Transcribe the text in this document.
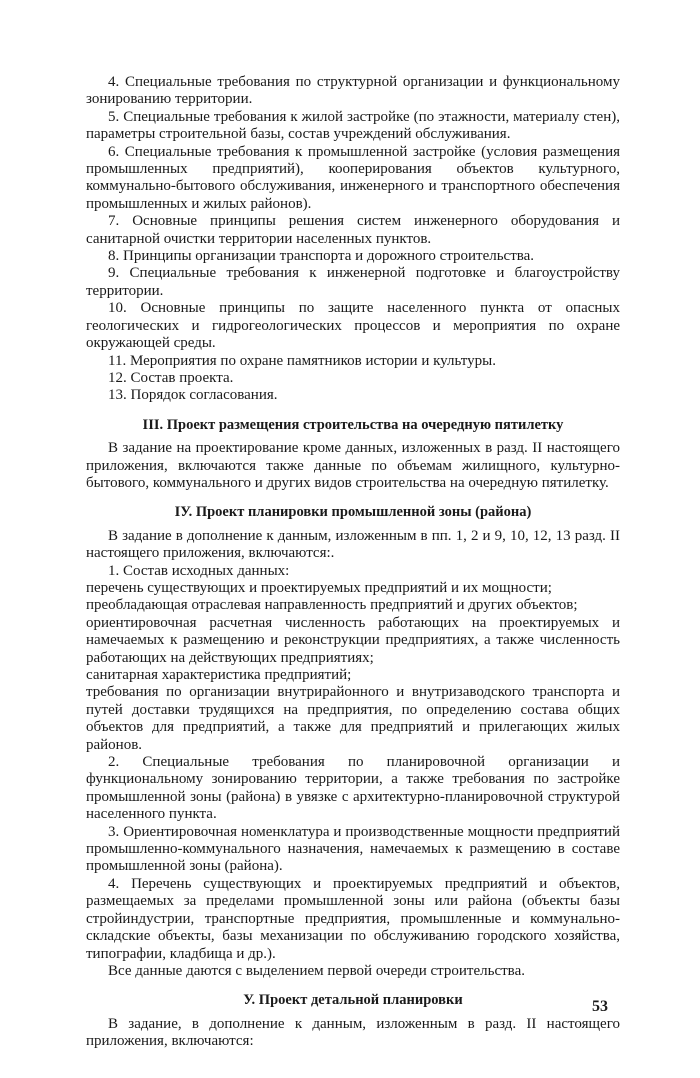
4. Специальные требования по структурной организации и функциональному зонированию территории.

5. Специальные требования к жилой застройке (по этажности, материалу стен), параметры строительной базы, состав учреждений обслуживания.

6. Специальные требования к промышленной застройке (условия размещения промышленных предприятий), кооперирования объектов культурного, коммунально-бытового обслуживания, инженерного и транспортного обеспечения промышленных и жилых районов).

7. Основные принципы решения систем инженерного оборудования и санитарной очистки территории населенных пунктов.

8. Принципы организации транспорта и дорожного строительства.

9. Специальные требования к инженерной подготовке и благоустройству территории.

10. Основные принципы по защите населенного пункта от опасных геологических и гидрогеологических процессов и мероприятия по охране окружающей среды.

11. Мероприятия по охране памятников истории и культуры.

12. Состав проекта.

13. Порядок согласования.

III. Проект размещения строительства на очередную пятилетку

В задание на проектирование кроме данных, изложенных в разд. II настоящего приложения, включаются также данные по объемам жилищного, культурно-бытового, коммунального и других видов строительства на очередную пятилетку.

IУ. Проект планировки промышленной зоны (района)

В задание в дополнение к данным, изложенным в пп. 1, 2 и 9, 10, 12, 13 разд. II настоящего приложения, включаются:.

1. Состав исходных данных:

перечень существующих и проектируемых предприятий и их мощности;

преобладающая отраслевая направленность предприятий и других объектов;

ориентировочная расчетная численность работающих на проектируемых и намечаемых к размещению и реконструкции предприятиях, а также численность работающих на действующих предприятиях;

санитарная характеристика предприятий;

требования по организации внутрирайонного и внутризаводского транспорта и путей доставки трудящихся на предприятия, по определению состава общих объектов для предприятий, а также для предприятий и прилегающих жилых районов.

2. Специальные требования по планировочной организации и функциональному зонированию территории, а также требования по застройке промышленной зоны (района) в увязке с архитектурно-планировочной структурой населенного пункта.

3. Ориентировочная номенклатура и производственные мощности предприятий промышленно-коммунального назначения, намечаемых к размещению в составе промышленной зоны (района).

4. Перечень существующих и проектируемых предприятий и объектов, размещаемых за пределами промышленной зоны или района (объекты базы стройиндустрии, транспортные предприятия, промышленные и коммунально-складские объекты, базы механизации по обслуживанию городского хозяйства, типографии, кладбища и др.).

Все данные даются с выделением первой очереди строительства.

У. Проект детальной планировки

В задание, в дополнение к данным, изложенным в разд. II настоящего приложения, включаются:

53
